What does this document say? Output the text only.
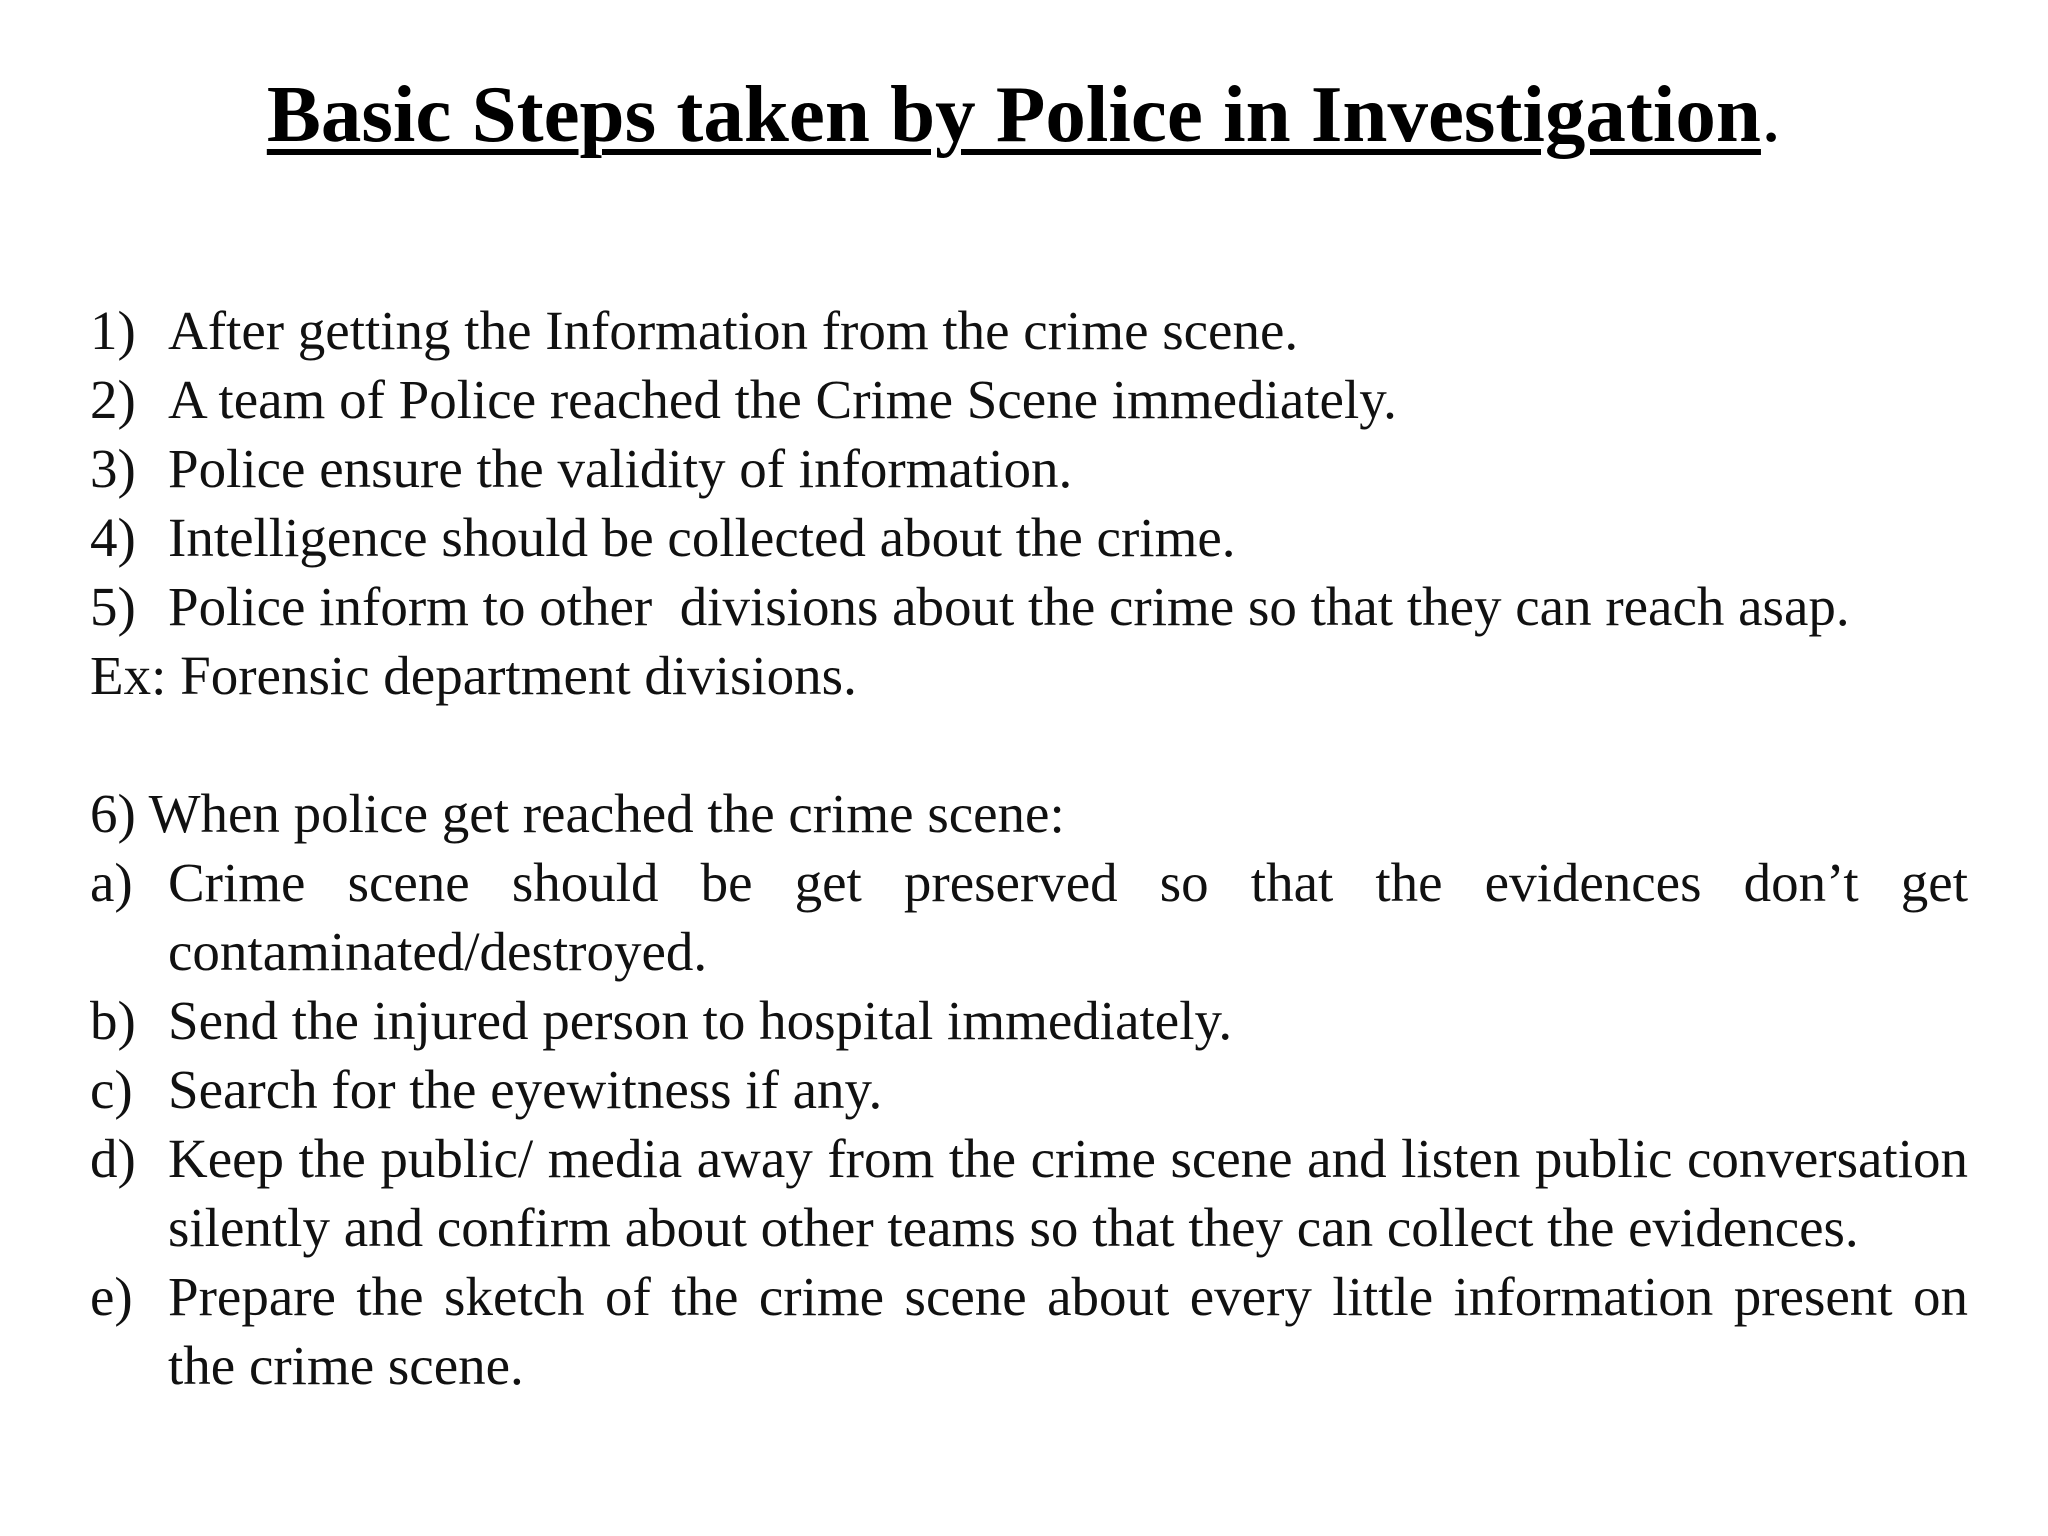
Basic Steps taken by Police in Investigation.
1) After getting the Information from the crime scene.
2) A team of Police reached the Crime Scene immediately.
3) Police ensure the validity of information.
4) Intelligence should be collected about the crime.
5) Police inform to other  divisions about the crime so that they can reach asap.
Ex: Forensic department divisions.
6) When police get reached the crime scene:
a) Crime scene should be get preserved so that the evidences don’t get contaminated/destroyed.
b) Send the injured person to hospital immediately.
c) Search for the eyewitness if any.
d) Keep the public/ media away from the crime scene and listen public conversation silently and confirm about other teams so that they can collect the evidences.
e) Prepare the sketch of the crime scene about every little information present on the crime scene.
